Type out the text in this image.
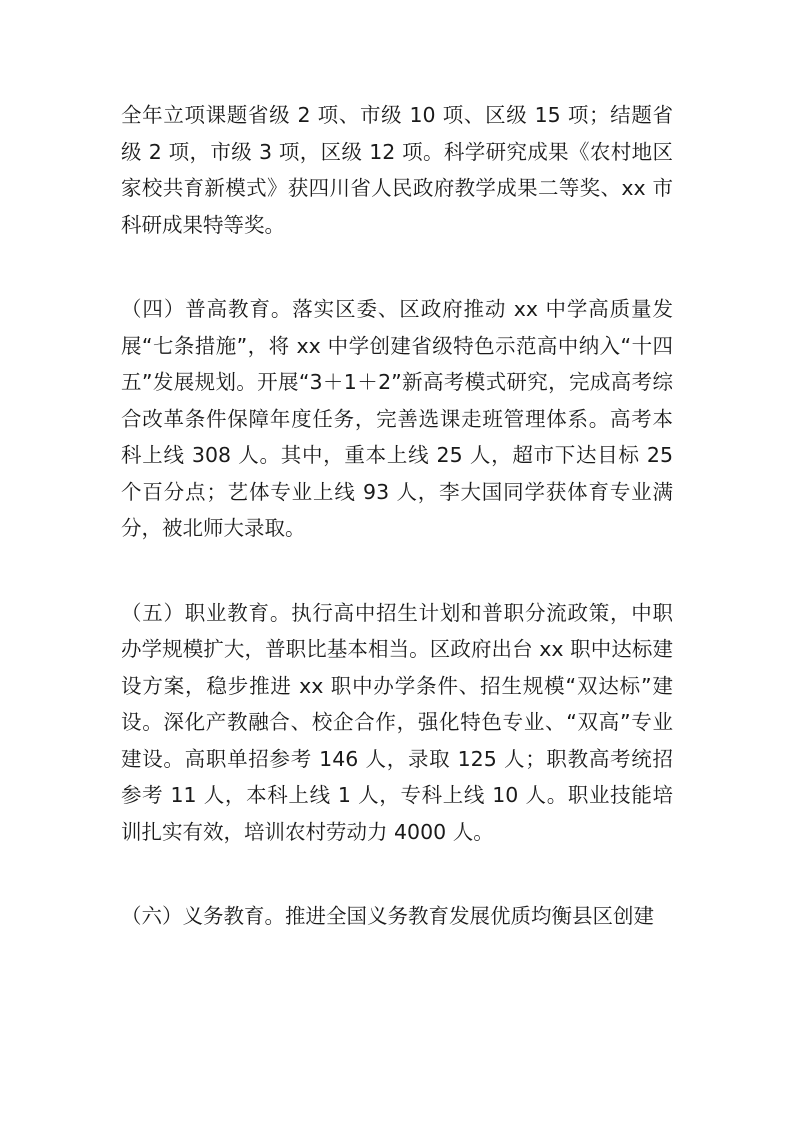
全年立项课题省级 2 项、市级 10 项、区级 15 项；结题省级 2 项，市级 3 项，区级 12 项。科学研究成果《农村地区家校共育新模式》获四川省人民政府教学成果二等奖、xx 市科研成果特等奖。

（四）普高教育。落实区委、区政府推动 xx 中学高质量发展“七条措施”，将 xx 中学创建省级特色示范高中纳入“十四五”发展规划。开展“3＋1＋2”新高考模式研究，完成高考综合改革条件保障年度任务，完善选课走班管理体系。高考本科上线 308 人。其中，重本上线 25 人，超市下达目标 25 个百分点；艺体专业上线 93 人，李大国同学获体育专业满分，被北师大录取。

（五）职业教育。执行高中招生计划和普职分流政策，中职办学规模扩大，普职比基本相当。区政府出台 xx 职中达标建设方案，稳步推进 xx 职中办学条件、招生规模“双达标”建设。深化产教融合、校企合作，强化特色专业、“双高”专业建设。高职单招参考 146 人，录取 125 人；职教高考统招参考 11 人，本科上线 1 人，专科上线 10 人。职业技能培训扎实有效，培训农村劳动力 4000 人。

（六）义务教育。推进全国义务教育发展优质均衡县区创建
